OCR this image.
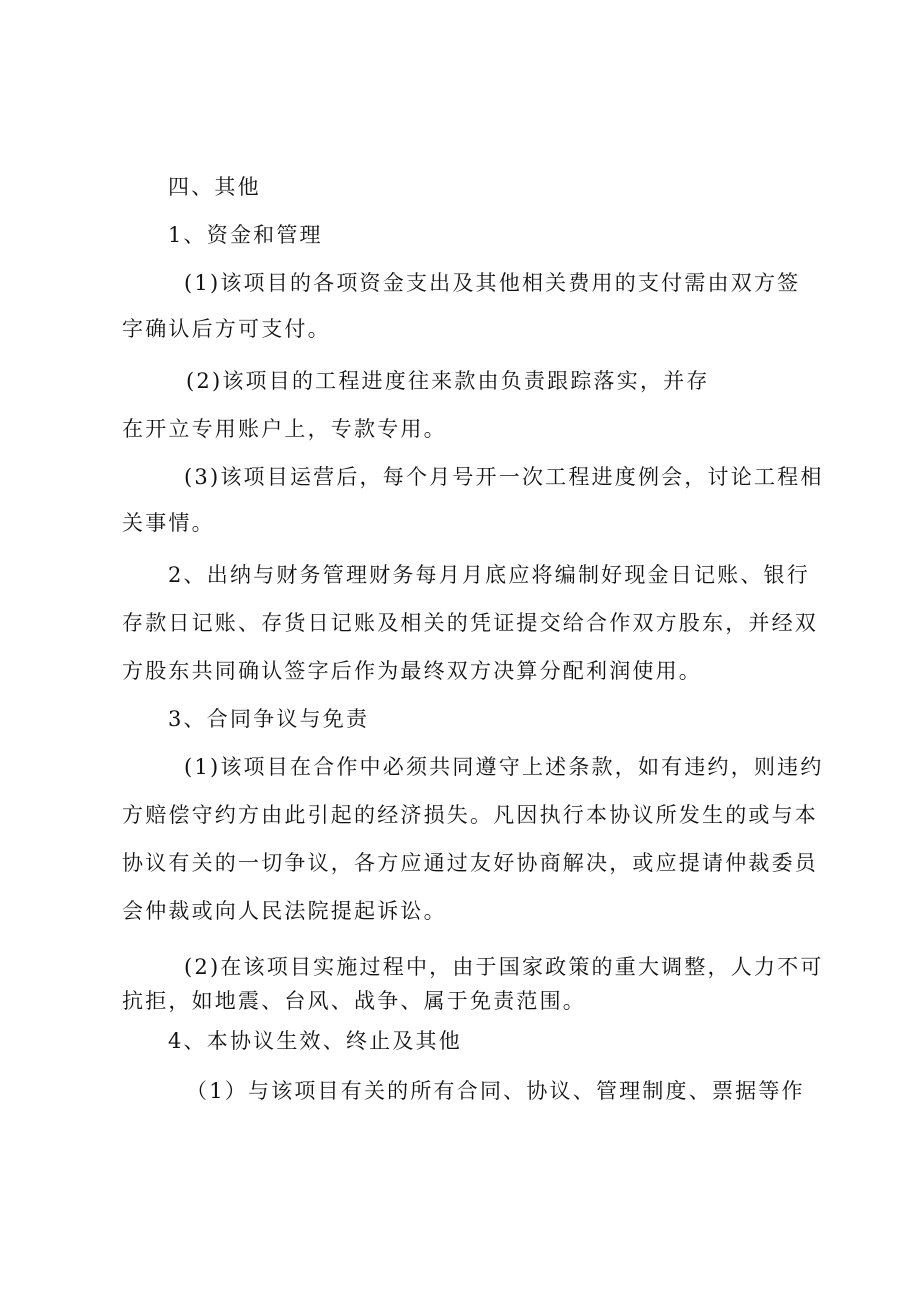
四、其他

1、资金和管理

(1)该项目的各项资金支出及其他相关费用的支付需由双方签

字确认后方可支付。

(2)该项目的工程进度往来款由负责跟踪落实，并存

在开立专用账户上，专款专用。

(3)该项目运营后，每个月号开一次工程进度例会，讨论工程相

关事情。

2、出纳与财务管理财务每月月底应将编制好现金日记账、银行

存款日记账、存货日记账及相关的凭证提交给合作双方股东，并经双

方股东共同确认签字后作为最终双方决算分配利润使用。

3、合同争议与免责

(1)该项目在合作中必须共同遵守上述条款，如有违约，则违约

方赔偿守约方由此引起的经济损失。凡因执行本协议所发生的或与本

协议有关的一切争议，各方应通过友好协商解决，或应提请仲裁委员

会仲裁或向人民法院提起诉讼。

(2)在该项目实施过程中，由于国家政策的重大调整，人力不可

抗拒，如地震、台风、战争、属于免责范围。

4、本协议生效、终止及其他

（1）与该项目有关的所有合同、协议、管理制度、票据等作
